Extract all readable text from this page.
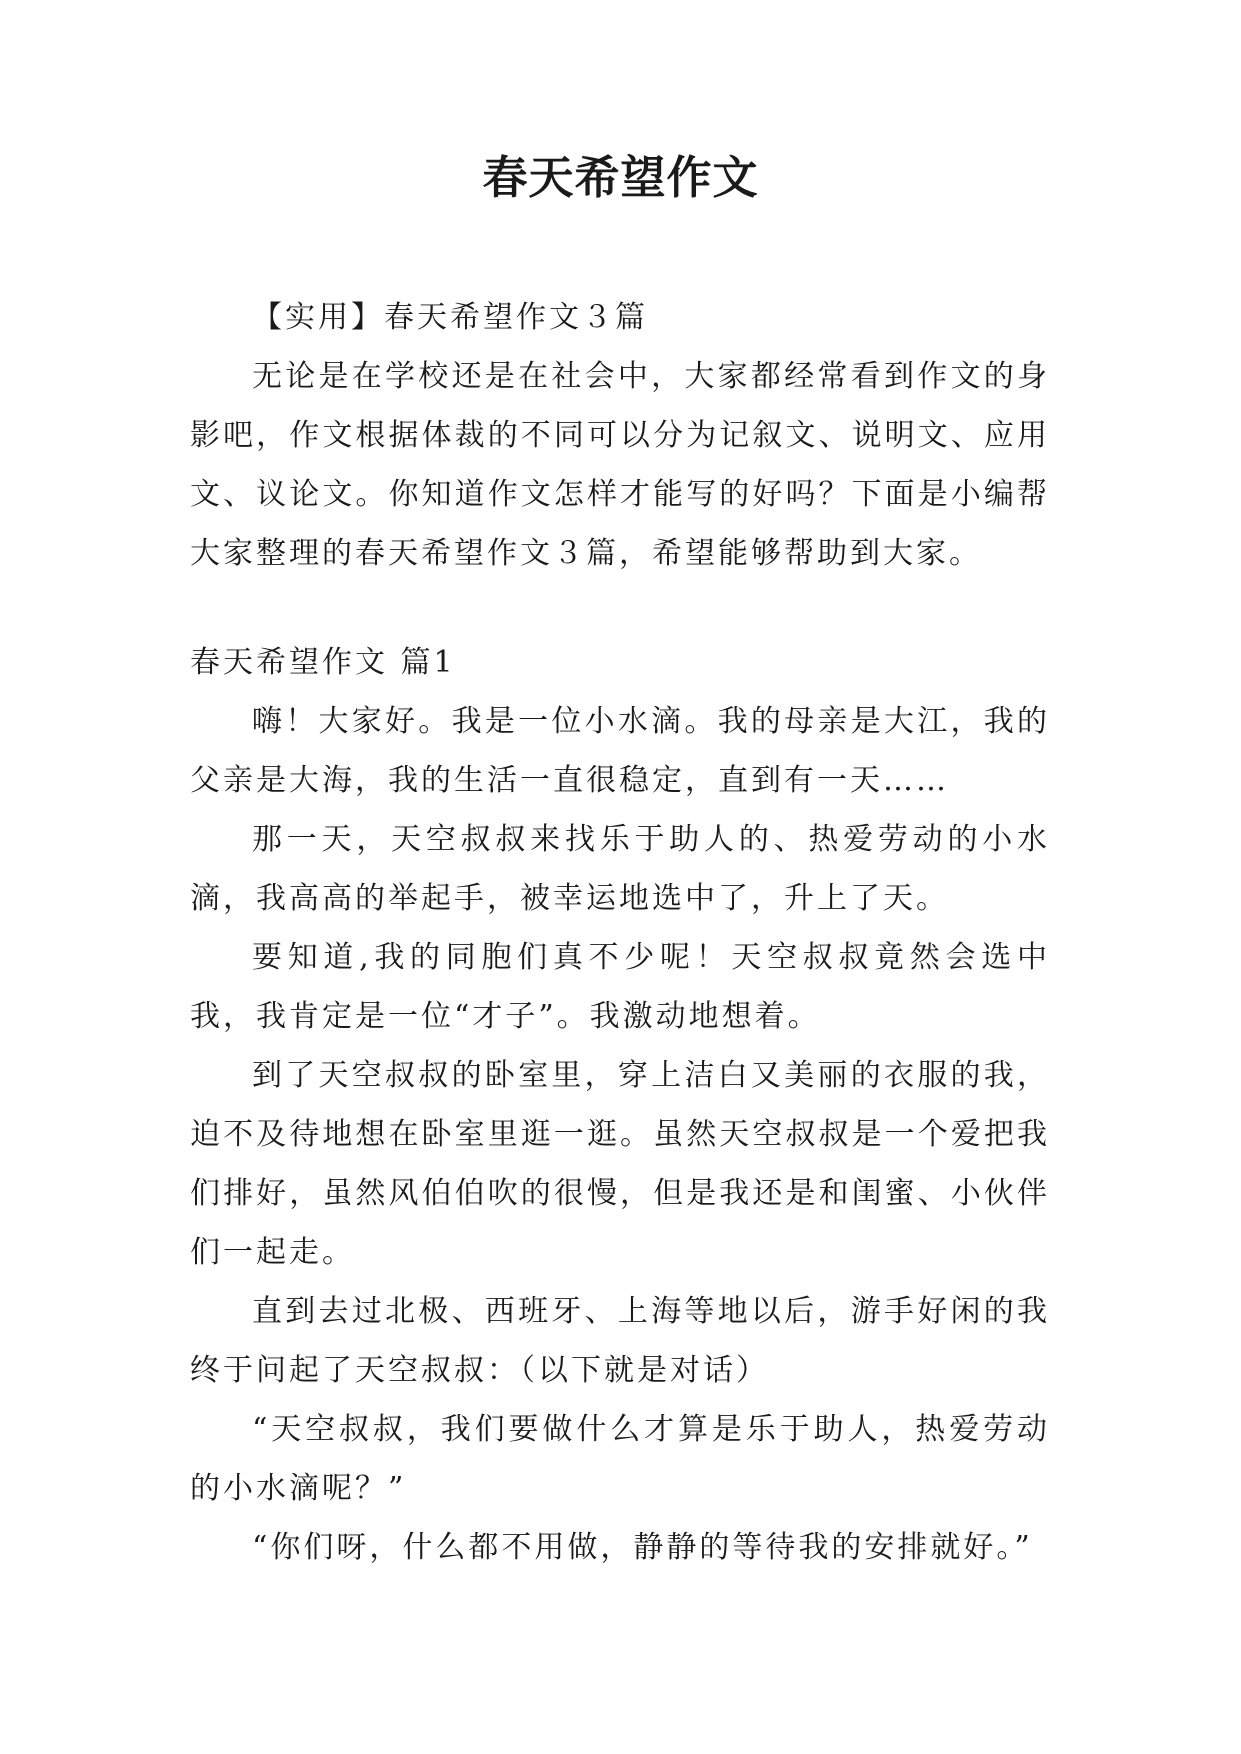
春天希望作文

【实用】春天希望作文３篇

无论是在学校还是在社会中，大家都经常看到作文的身影吧，作文根据体裁的不同可以分为记叙文、说明文、应用文、议论文。你知道作文怎样才能写的好吗？下面是小编帮大家整理的春天希望作文３篇，希望能够帮助到大家。

春天希望作文 篇1

嗨！大家好。我是一位小水滴。我的母亲是大江，我的父亲是大海，我的生活一直很稳定，直到有一天……

那一天，天空叔叔来找乐于助人的、热爱劳动的小水滴，我高高的举起手，被幸运地选中了，升上了天。

要知道,我的同胞们真不少呢！天空叔叔竟然会选中我，我肯定是一位“才子”。我激动地想着。

到了天空叔叔的卧室里，穿上洁白又美丽的衣服的我，迫不及待地想在卧室里逛一逛。虽然天空叔叔是一个爱把我们排好，虽然风伯伯吹的很慢，但是我还是和闺蜜、小伙伴们一起走。

直到去过北极、西班牙、上海等地以后，游手好闲的我终于问起了天空叔叔：（以下就是对话）

“天空叔叔，我们要做什么才算是乐于助人，热爱劳动的小水滴呢？”

“你们呀，什么都不用做，静静的等待我的安排就好。”
